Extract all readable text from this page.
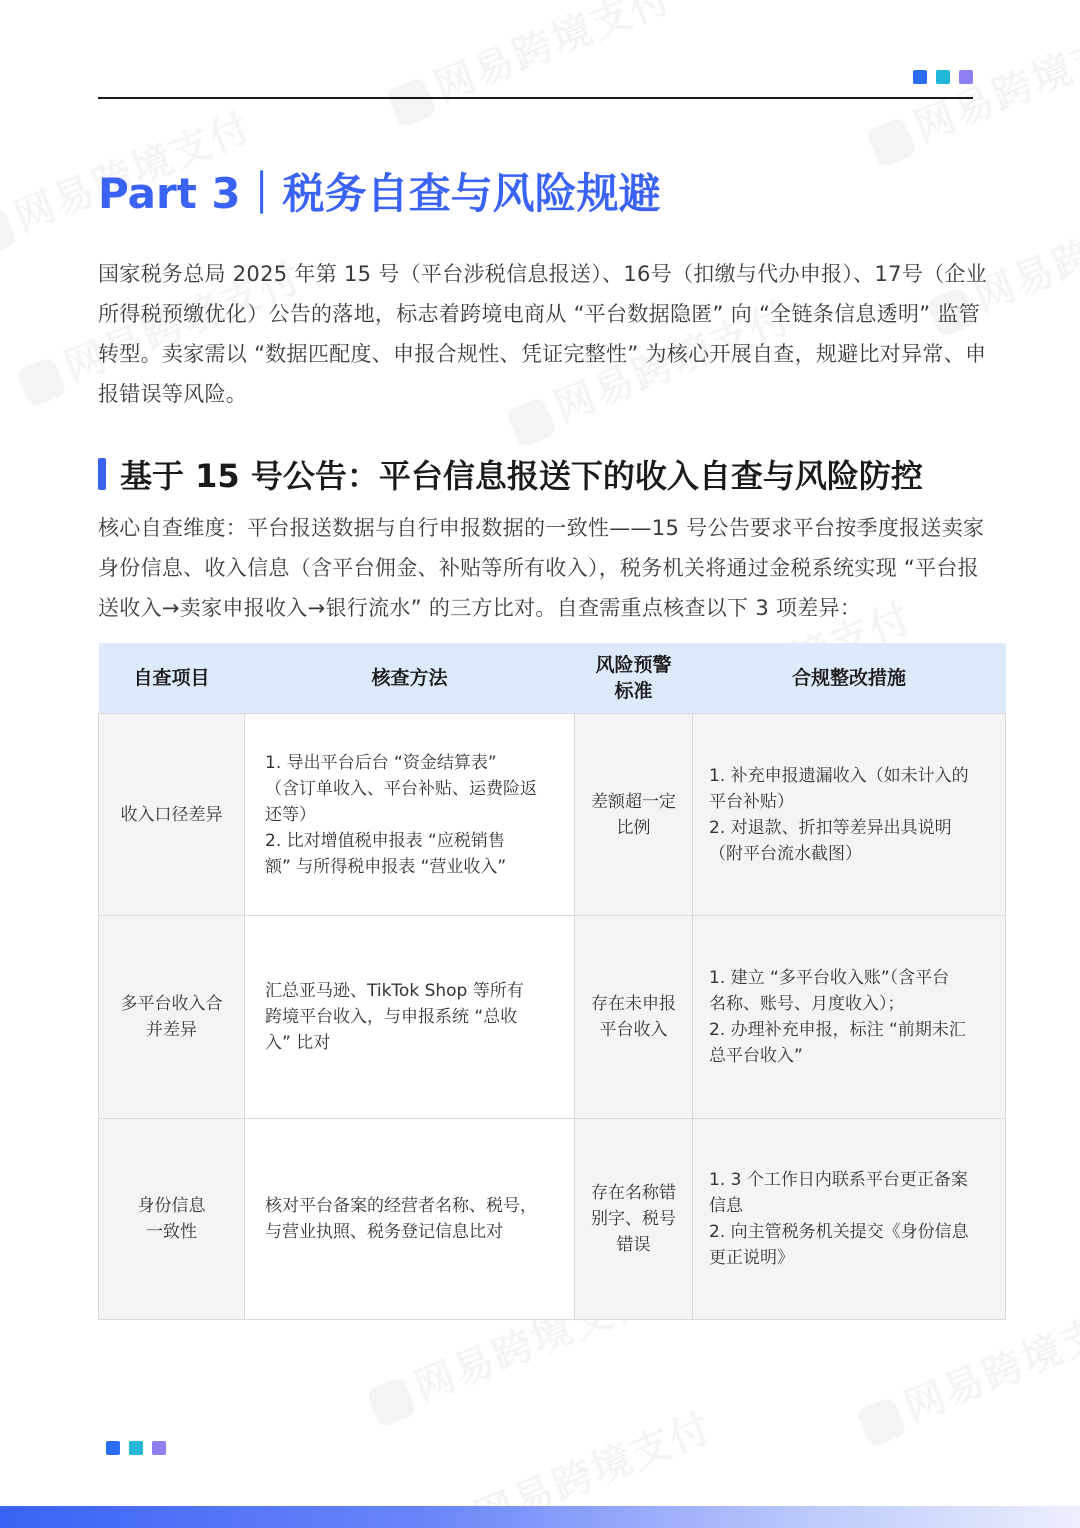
Part 3｜税务自查与风险规避

国家税务总局 2025 年第 15 号（平台涉税信息报送）、16号（扣缴与代办申报）、17号（企业所得税预缴优化）公告的落地，标志着跨境电商从 “平台数据隐匿” 向 “全链条信息透明” 监管转型。卖家需以 “数据匹配度、申报合规性、凭证完整性” 为核心开展自查，规避比对异常、申报错误等风险。

基于 15 号公告：平台信息报送下的收入自查与风险防控

核心自查维度：平台报送数据与自行申报数据的一致性——15 号公告要求平台按季度报送卖家身份信息、收入信息（含平台佣金、补贴等所有收入），税务机关将通过金税系统实现 “平台报送收入→卖家申报收入→银行流水” 的三方比对。自查需重点核查以下 3 项差异：

自查项目	核查方法	风险预警
标准	合规整改措施

收入口径差异	1. 导出平台后台 “资金结算表”
（含订单收入、平台补贴、运费险返
还等）
2. 比对增值税申报表 “应税销售
额” 与所得税申报表 “营业收入”	差额超一定
比例	1. 补充申报遗漏收入（如未计入的
平台补贴）
2. 对退款、折扣等差异出具说明
（附平台流水截图）

多平台收入合
并差异	汇总亚马逊、TikTok Shop 等所有
跨境平台收入，与申报系统 “总收
入” 比对	存在未申报
平台收入	1. 建立 “多平台收入账”（含平台
名称、账号、月度收入）；
2. 办理补充申报，标注 “前期未汇
总平台收入”

身份信息
一致性	核对平台备案的经营者名称、税号，
与营业执照、税务登记信息比对	存在名称错
别字、税号
错误	1. 3 个工作日内联系平台更正备案
信息
2. 向主管税务机关提交《身份信息
更正说明》
